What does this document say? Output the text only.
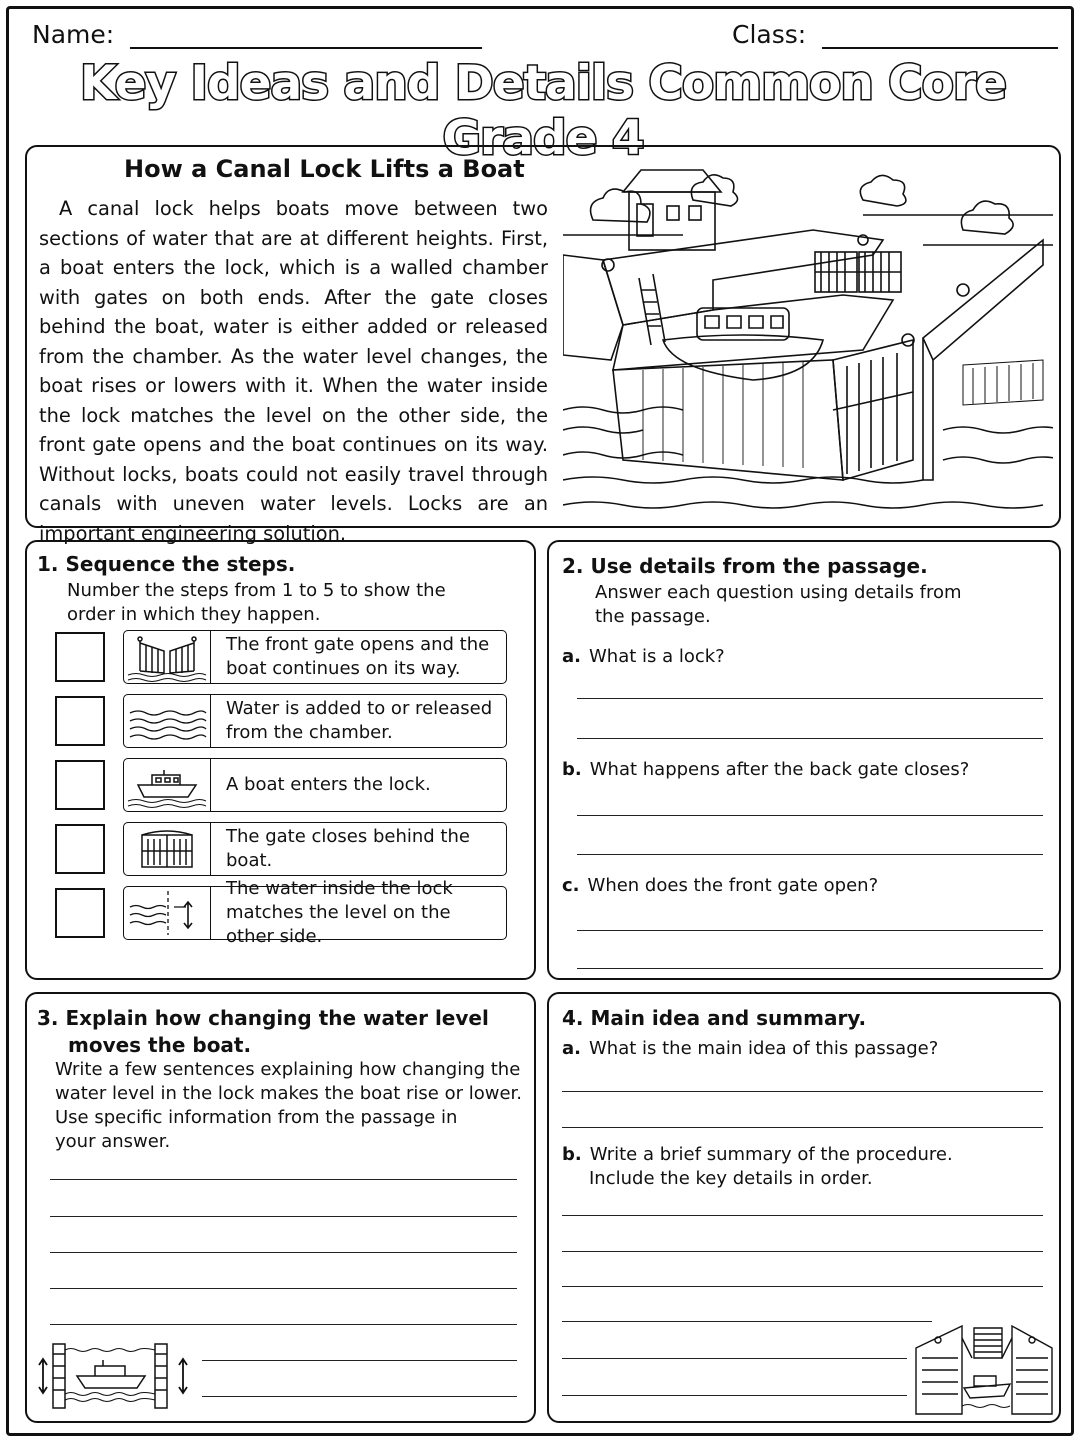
Name:	Class:
Key Ideas and Details Common Core Grade 4
How a Canal Lock Lifts a Boat
A canal lock helps boats move between two sections of water that are at different heights. First, a boat enters the lock, which is a walled chamber with gates on both ends. After the gate closes behind the boat, water is either added or released from the chamber. As the water level changes, the boat rises or lowers with it. When the water inside the lock matches the level on the other side, the front gate opens and the boat continues on its way. Without locks, boats could not easily travel through canals with uneven water levels. Locks are an important engineering solution.
1. Sequence the steps.
Number the steps from 1 to 5 to show the
order in which they happen.
The front gate opens and the boat continues on its way.
Water is added to or released from the chamber.
A boat enters the lock.
The gate closes behind the boat.
The water inside the lock matches the level on the other side.
2. Use details from the passage.
Answer each question using details from
the passage.
a. What is a lock?
b. What happens after the back gate closes?
c. When does the front gate open?
3. Explain how changing the water level
moves the boat.
Write a few sentences explaining how changing the
water level in the lock makes the boat rise or lower.
Use specific information from the passage in
your answer.
4. Main idea and summary.
a. What is the main idea of this passage?
b. Write a brief summary of the procedure.
Include the key details in order.
